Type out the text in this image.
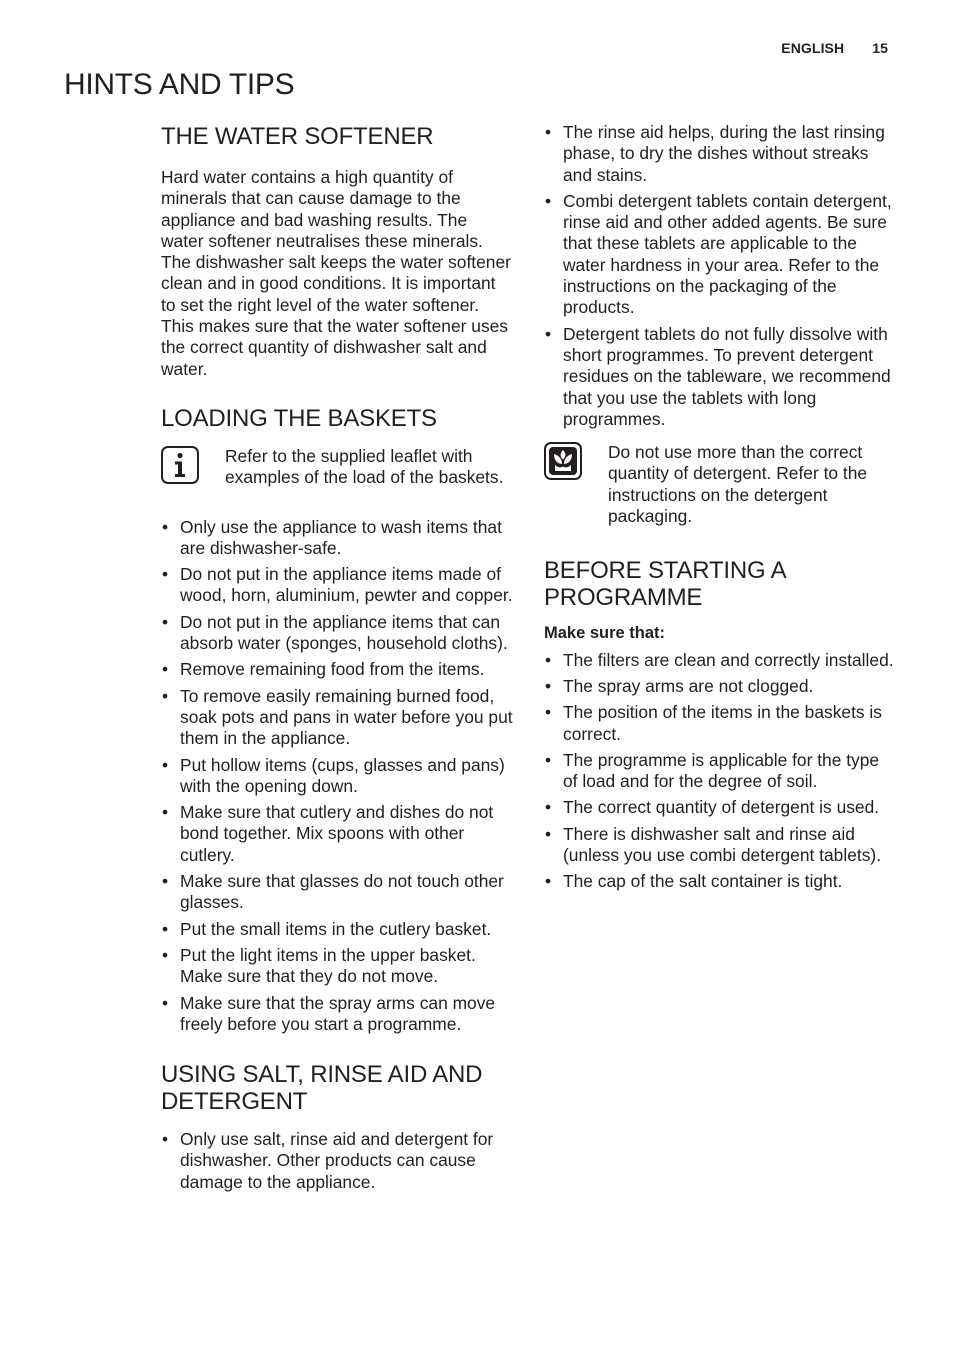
ENGLISH 15
HINTS AND TIPS
THE WATER SOFTENER

Hard water contains a high quantity of minerals that can cause damage to the appliance and bad washing results. The water softener neutralises these minerals. The dishwasher salt keeps the water softener clean and in good conditions. It is important to set the right level of the water softener. This makes sure that the water softener uses the correct quantity of dishwasher salt and water.

LOADING THE BASKETS

Refer to the supplied leaflet with examples of the load of the baskets.

• Only use the appliance to wash items that are dishwasher-safe.
• Do not put in the appliance items made of wood, horn, aluminium, pewter and copper.
• Do not put in the appliance items that can absorb water (sponges, household cloths).
• Remove remaining food from the items.
• To remove easily remaining burned food, soak pots and pans in water before you put them in the appliance.
• Put hollow items (cups, glasses and pans) with the opening down.
• Make sure that cutlery and dishes do not bond together. Mix spoons with other cutlery.
• Make sure that glasses do not touch other glasses.
• Put the small items in the cutlery basket.
• Put the light items in the upper basket. Make sure that they do not move.
• Make sure that the spray arms can move freely before you start a programme.
USING SALT, RINSE AID AND DETERGENT
• Only use salt, rinse aid and detergent for dishwasher. Other products can cause damage to the appliance.
• The rinse aid helps, during the last rinsing phase, to dry the dishes without streaks and stains.
• Combi detergent tablets contain detergent, rinse aid and other added agents. Be sure that these tablets are applicable to the water hardness in your area. Refer to the instructions on the packaging of the products.
• Detergent tablets do not fully dissolve with short programmes. To prevent detergent residues on the tableware, we recommend that you use the tablets with long programmes.

Do not use more than the correct quantity of detergent. Refer to the instructions on the detergent packaging.

BEFORE STARTING A PROGRAMME

Make sure that:

• The filters are clean and correctly installed.
• The spray arms are not clogged.
• The position of the items in the baskets is correct.
• The programme is applicable for the type of load and for the degree of soil.
• The correct quantity of detergent is used.
• There is dishwasher salt and rinse aid (unless you use combi detergent tablets).
• The cap of the salt container is tight.
